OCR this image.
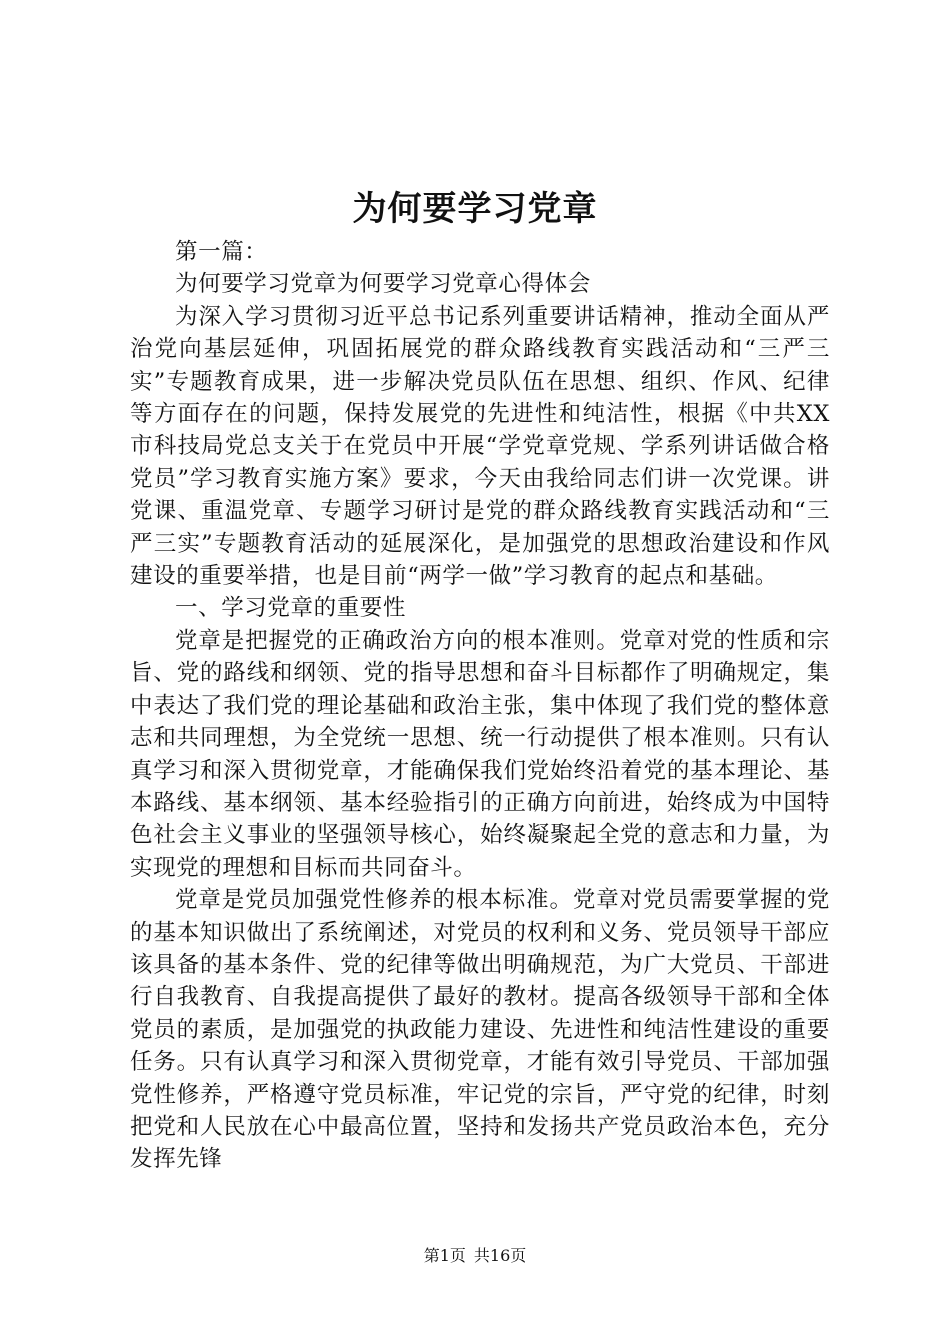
为何要学习党章

第一篇：

为何要学习党章为何要学习党章心得体会

为深入学习贯彻习近平总书记系列重要讲话精神，推动全面从严治党向基层延伸，巩固拓展党的群众路线教育实践活动和“三严三实”专题教育成果，进一步解决党员队伍在思想、组织、作风、纪律等方面存在的问题，保持发展党的先进性和纯洁性，根据《中共XX市科技局党总支关于在党员中开展“学党章党规、学系列讲话做合格党员”学习教育实施方案》要求，今天由我给同志们讲一次党课。讲党课、重温党章、专题学习研讨是党的群众路线教育实践活动和“三严三实”专题教育活动的延展深化，是加强党的思想政治建设和作风建设的重要举措，也是目前“两学一做”学习教育的起点和基础。

一、学习党章的重要性

党章是把握党的正确政治方向的根本准则。党章对党的性质和宗旨、党的路线和纲领、党的指导思想和奋斗目标都作了明确规定，集中表达了我们党的理论基础和政治主张，集中体现了我们党的整体意志和共同理想，为全党统一思想、统一行动提供了根本准则。只有认真学习和深入贯彻党章，才能确保我们党始终沿着党的基本理论、基本路线、基本纲领、基本经验指引的正确方向前进，始终成为中国特色社会主义事业的坚强领导核心，始终凝聚起全党的意志和力量，为实现党的理想和目标而共同奋斗。

党章是党员加强党性修养的根本标准。党章对党员需要掌握的党的基本知识做出了系统阐述，对党员的权利和义务、党员领导干部应该具备的基本条件、党的纪律等做出明确规范，为广大党员、干部进行自我教育、自我提高提供了最好的教材。提高各级领导干部和全体党员的素质，是加强党的执政能力建设、先进性和纯洁性建设的重要任务。只有认真学习和深入贯彻党章，才能有效引导党员、干部加强党性修养，严格遵守党员标准，牢记党的宗旨，严守党的纪律，时刻把党和人民放在心中最高位置，坚持和发扬共产党员政治本色，充分发挥先锋

第1页 共16页
